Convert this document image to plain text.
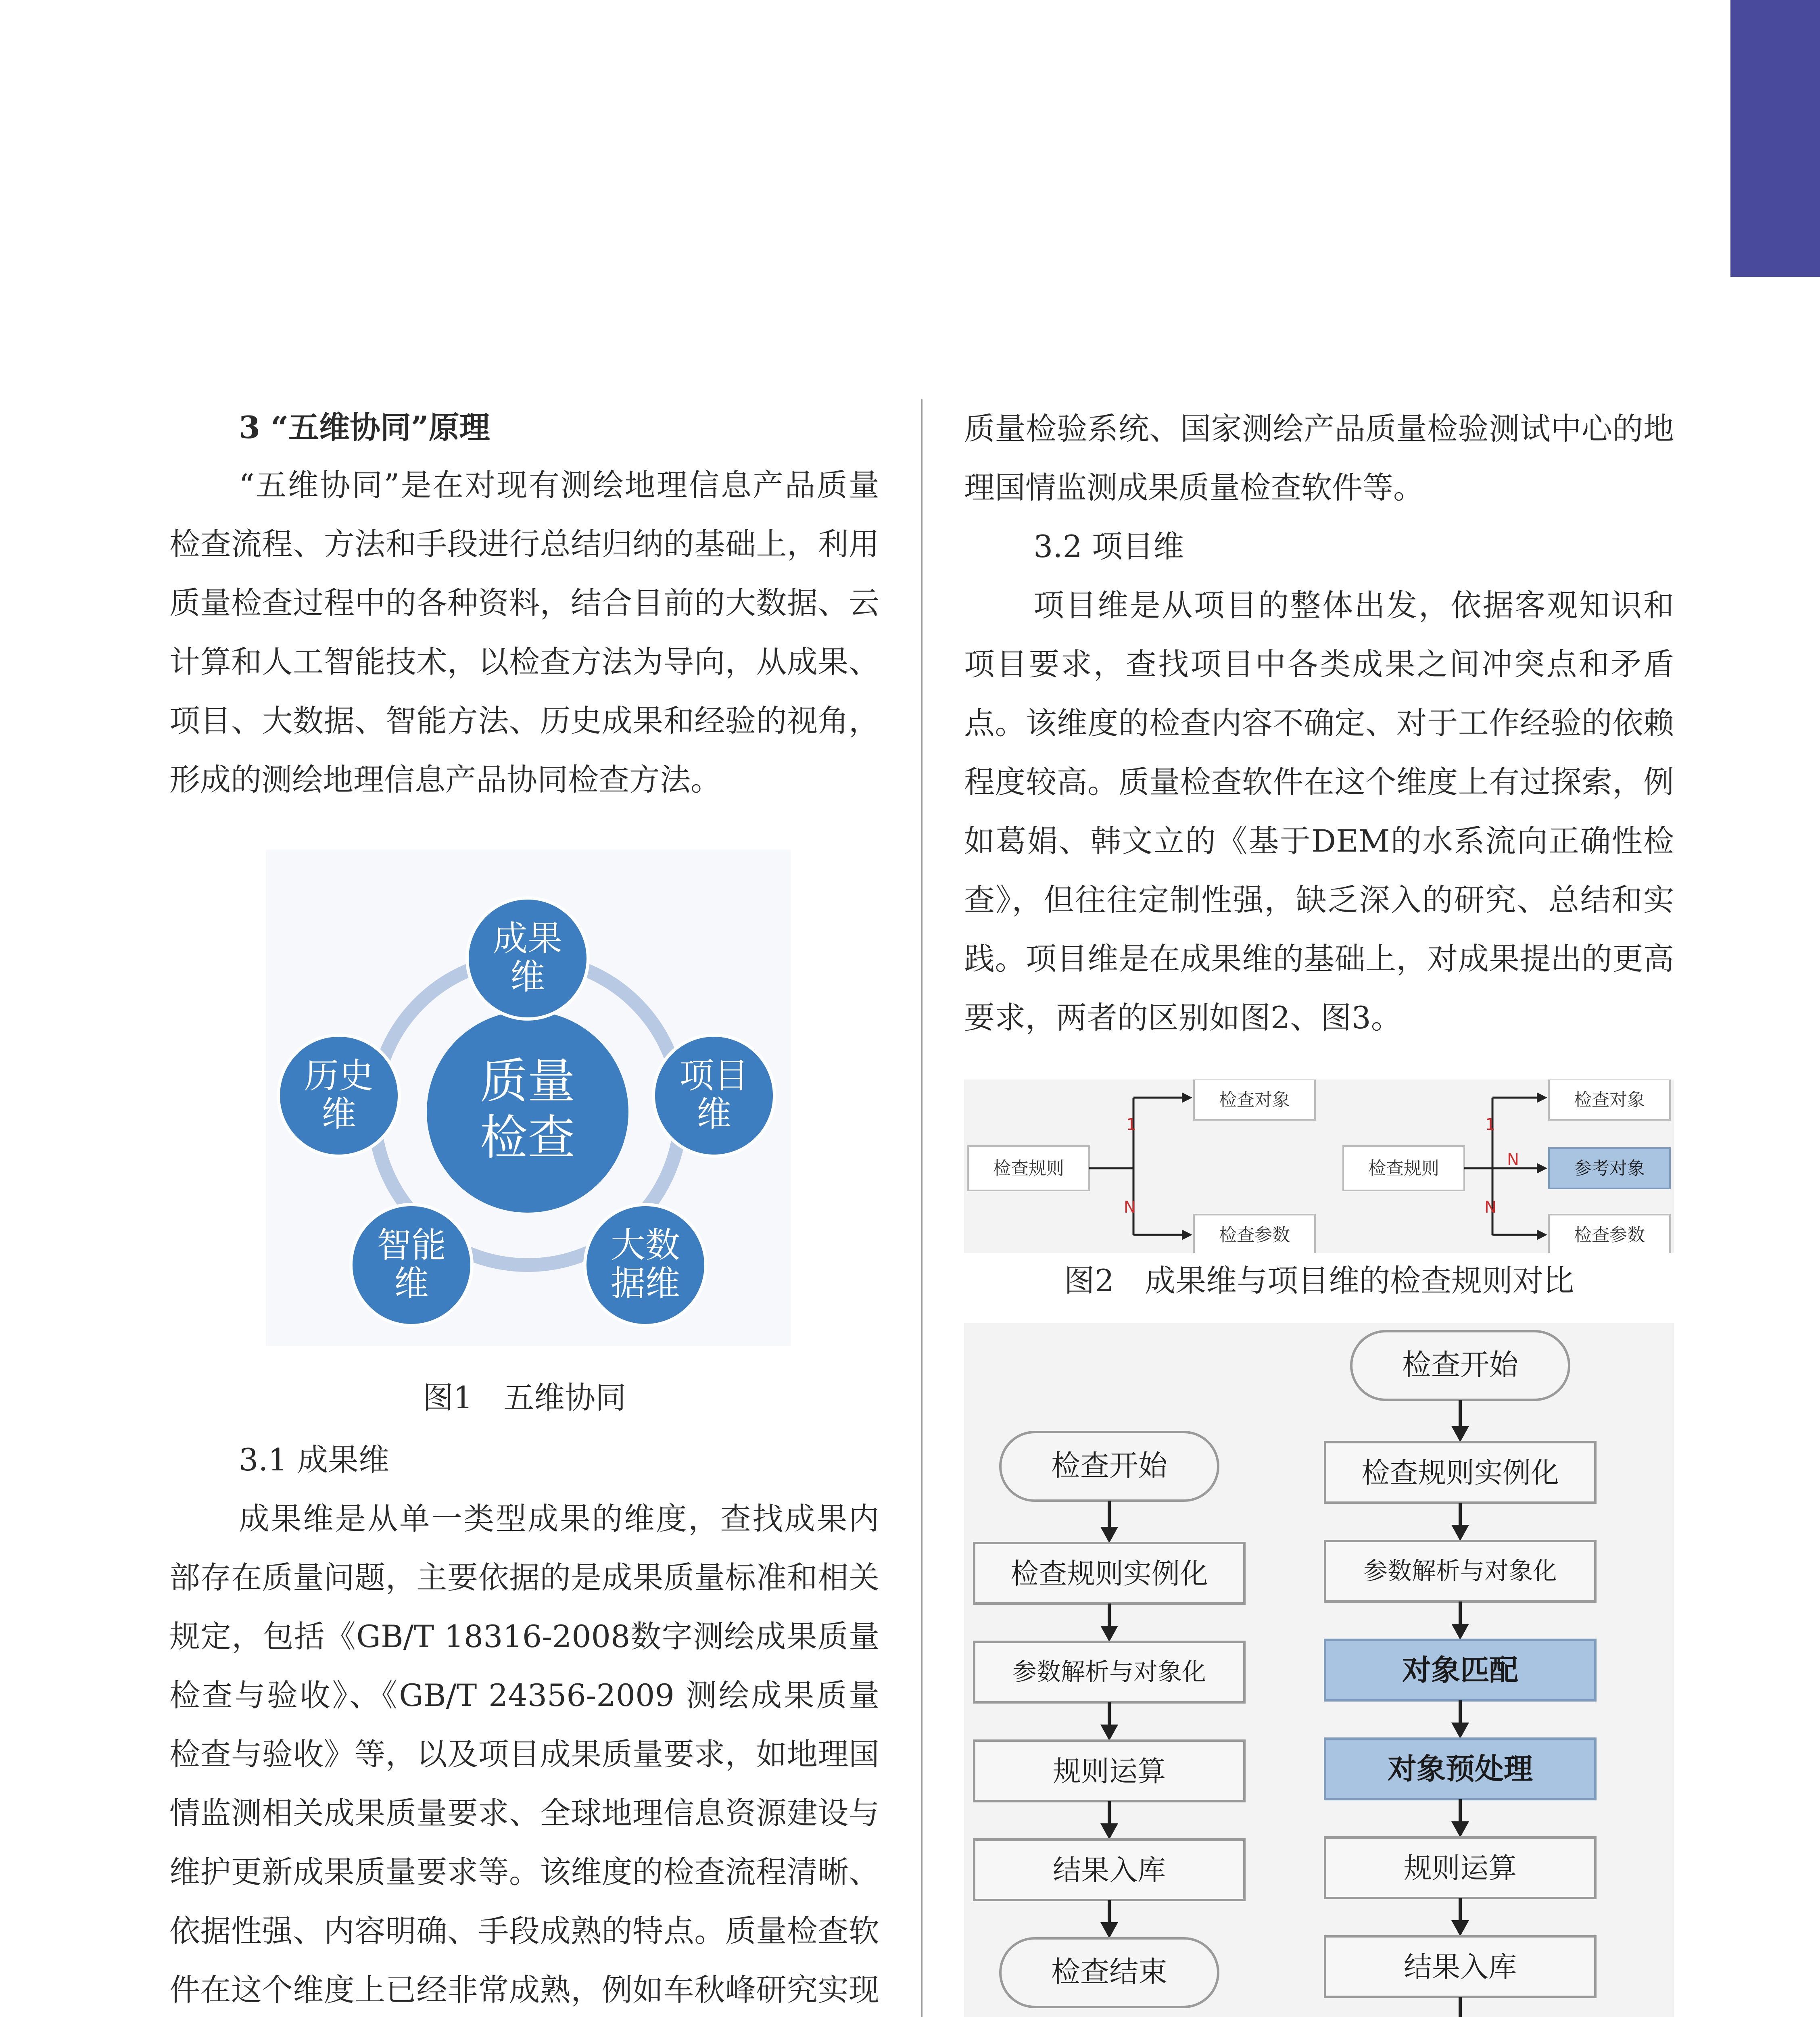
3 “五维协同”原理

“五维协同”是在对现有测绘地理信息产品质量检查流程、方法和手段进行总结归纳的基础上，利用质量检查过程中的各种资料，结合目前的大数据、云计算和人工智能技术，以检查方法为导向，从成果、项目、大数据、智能方法、历史成果和经验的视角，形成的测绘地理信息产品协同检查方法。

质量
检查
成果
维
项目
维
大数
据维
智能
维
历史
维

图1　五维协同

3.1 成果维

成果维是从单一类型成果的维度，查找成果内部存在质量问题，主要依据的是成果质量标准和相关规定，包括《GB/T 18316-2008数字测绘成果质量检查与验收》、《GB/T 24356-2009 测绘成果质量检查与验收》等，以及项目成果质量要求，如地理国情监测相关成果质量要求、全球地理信息资源建设与维护更新成果质量要求等。该维度的检查流程清晰、依据性强、内容明确、手段成熟的特点。质量检查软件在这个维度上已经非常成熟，例如车秋峰研究实现

质量检验系统、国家测绘产品质量检验测试中心的地理国情监测成果质量检查软件等。

3.2 项目维

项目维是从项目的整体出发，依据客观知识和项目要求，查找项目中各类成果之间冲突点和矛盾点。该维度的检查内容不确定、对于工作经验的依赖程度较高。质量检查软件在这个维度上有过探索，例如葛娟、韩文立的《基于DEM的水系流向正确性检查》，但往往定制性强，缺乏深入的研究、总结和实践。项目维是在成果维的基础上，对成果提出的更高要求，两者的区别如图2、图3。

检查规则
1
N
检查对象
检查参数
检查规则
1
N
N
检查对象
参考对象
检查参数

图2　成果维与项目维的检查规则对比

检查开始
检查规则实例化
参数解析与对象化
规则运算
结果入库
检查结束
检查开始
检查规则实例化
参数解析与对象化
对象匹配
对象预处理
规则运算
结果入库
